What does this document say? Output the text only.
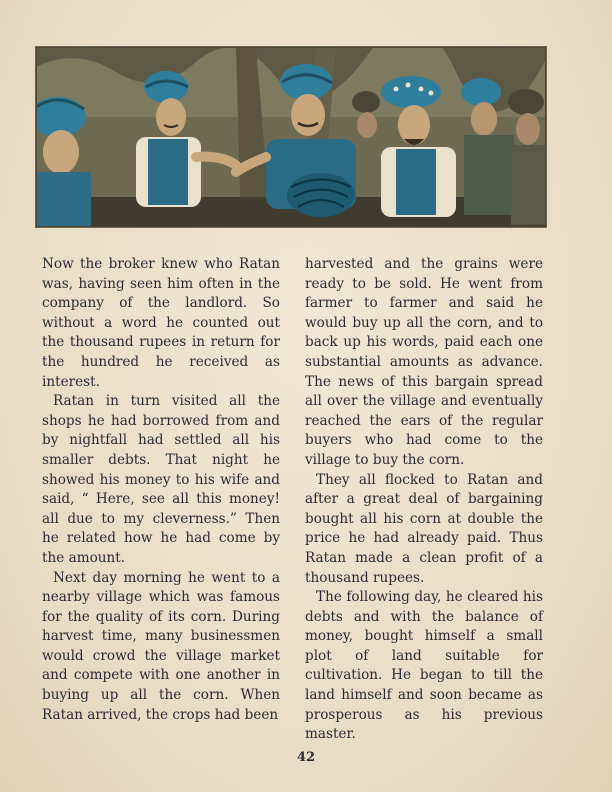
Now the broker knew who Ratan was, having seen him often in the company of the landlord. So without a word he counted out the thousand rupees in return for the hundred he received as interest.

Ratan in turn visited all the shops he had borrowed from and by nightfall had settled all his smaller debts. That night he showed his money to his wife and said, “ Here, see all this money! all due to my cleverness.” Then he related how he had come by the amount.

Next day morning he went to a nearby village which was famous for the quality of its corn. During harvest time, many businessmen would crowd the village market and compete with one another in buying up all the corn. When Ratan arrived, the crops had been

harvested and the grains were ready to be sold. He went from farmer to farmer and said he would buy up all the corn, and to back up his words, paid each one substantial amounts as advance. The news of this bargain spread all over the village and eventually reached the ears of the regular buyers who had come to the village to buy the corn.

They all flocked to Ratan and after a great deal of bargaining bought all his corn at double the price he had already paid. Thus Ratan made a clean profit of a thousand rupees.

The following day, he cleared his debts and with the balance of money, bought himself a small plot of land suitable for cultivation. He began to till the land himself and soon became as prosperous as his previous master.

42
